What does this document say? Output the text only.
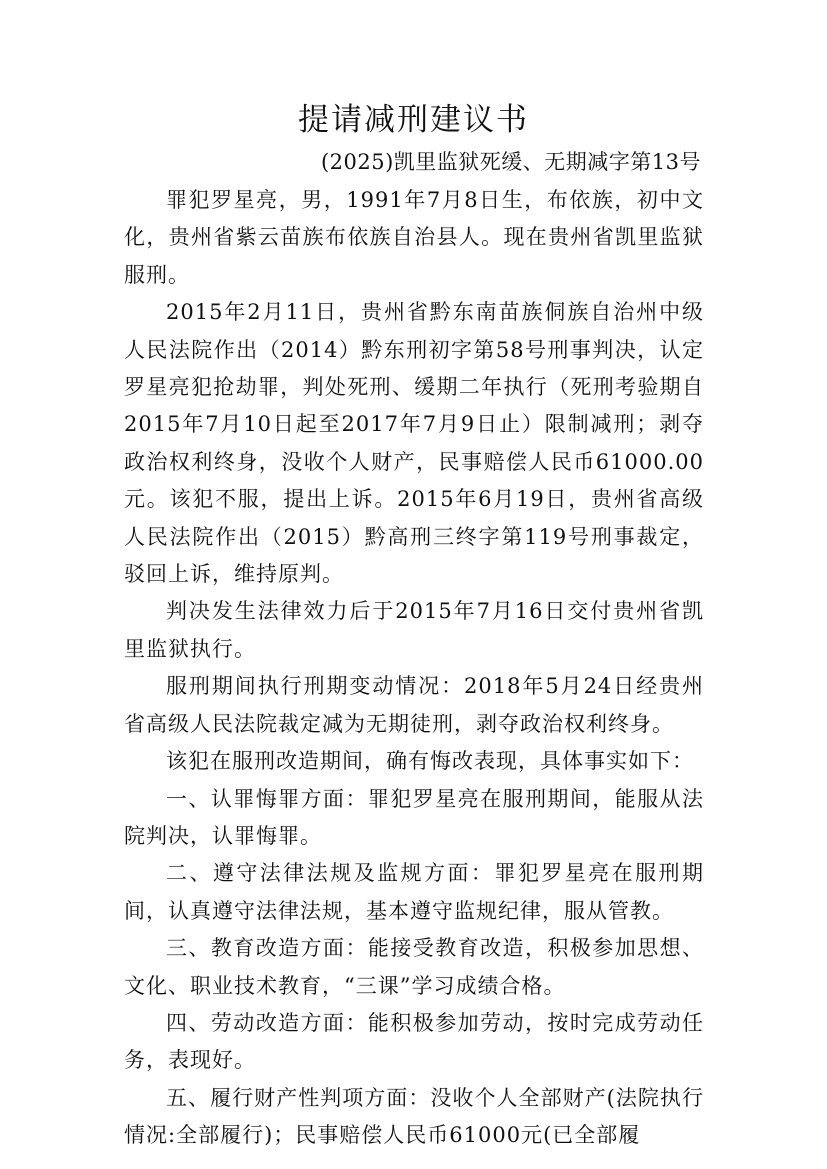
提请减刑建议书
(2025)凯里监狱死缓、无期减字第13号

罪犯罗星亮，男，1991年7月8日生，布依族，初中文化，贵州省紫云苗族布依族自治县人。现在贵州省凯里监狱服刑。

2015年2月11日，贵州省黔东南苗族侗族自治州中级人民法院作出（2014）黔东刑初字第58号刑事判决，认定罗星亮犯抢劫罪，判处死刑、缓期二年执行（死刑考验期自2015年7月10日起至2017年7月9日止）限制减刑；剥夺政治权利终身，没收个人财产，民事赔偿人民币61000.00元。该犯不服，提出上诉。2015年6月19日，贵州省高级人民法院作出（2015）黔高刑三终字第119号刑事裁定，驳回上诉，维持原判。

判决发生法律效力后于2015年7月16日交付贵州省凯里监狱执行。

服刑期间执行刑期变动情况：2018年5月24日经贵州省高级人民法院裁定减为无期徒刑，剥夺政治权利终身。

该犯在服刑改造期间，确有悔改表现，具体事实如下：

一、认罪悔罪方面：罪犯罗星亮在服刑期间，能服从法院判决，认罪悔罪。

二、遵守法律法规及监规方面：罪犯罗星亮在服刑期间，认真遵守法律法规，基本遵守监规纪律，服从管教。

三、教育改造方面：能接受教育改造，积极参加思想、文化、职业技术教育，“三课”学习成绩合格。

四、劳动改造方面：能积极参加劳动，按时完成劳动任务，表现好。

五、履行财产性判项方面：没收个人全部财产(法院执行情况:全部履行)；民事赔偿人民币61000元(已全部履
